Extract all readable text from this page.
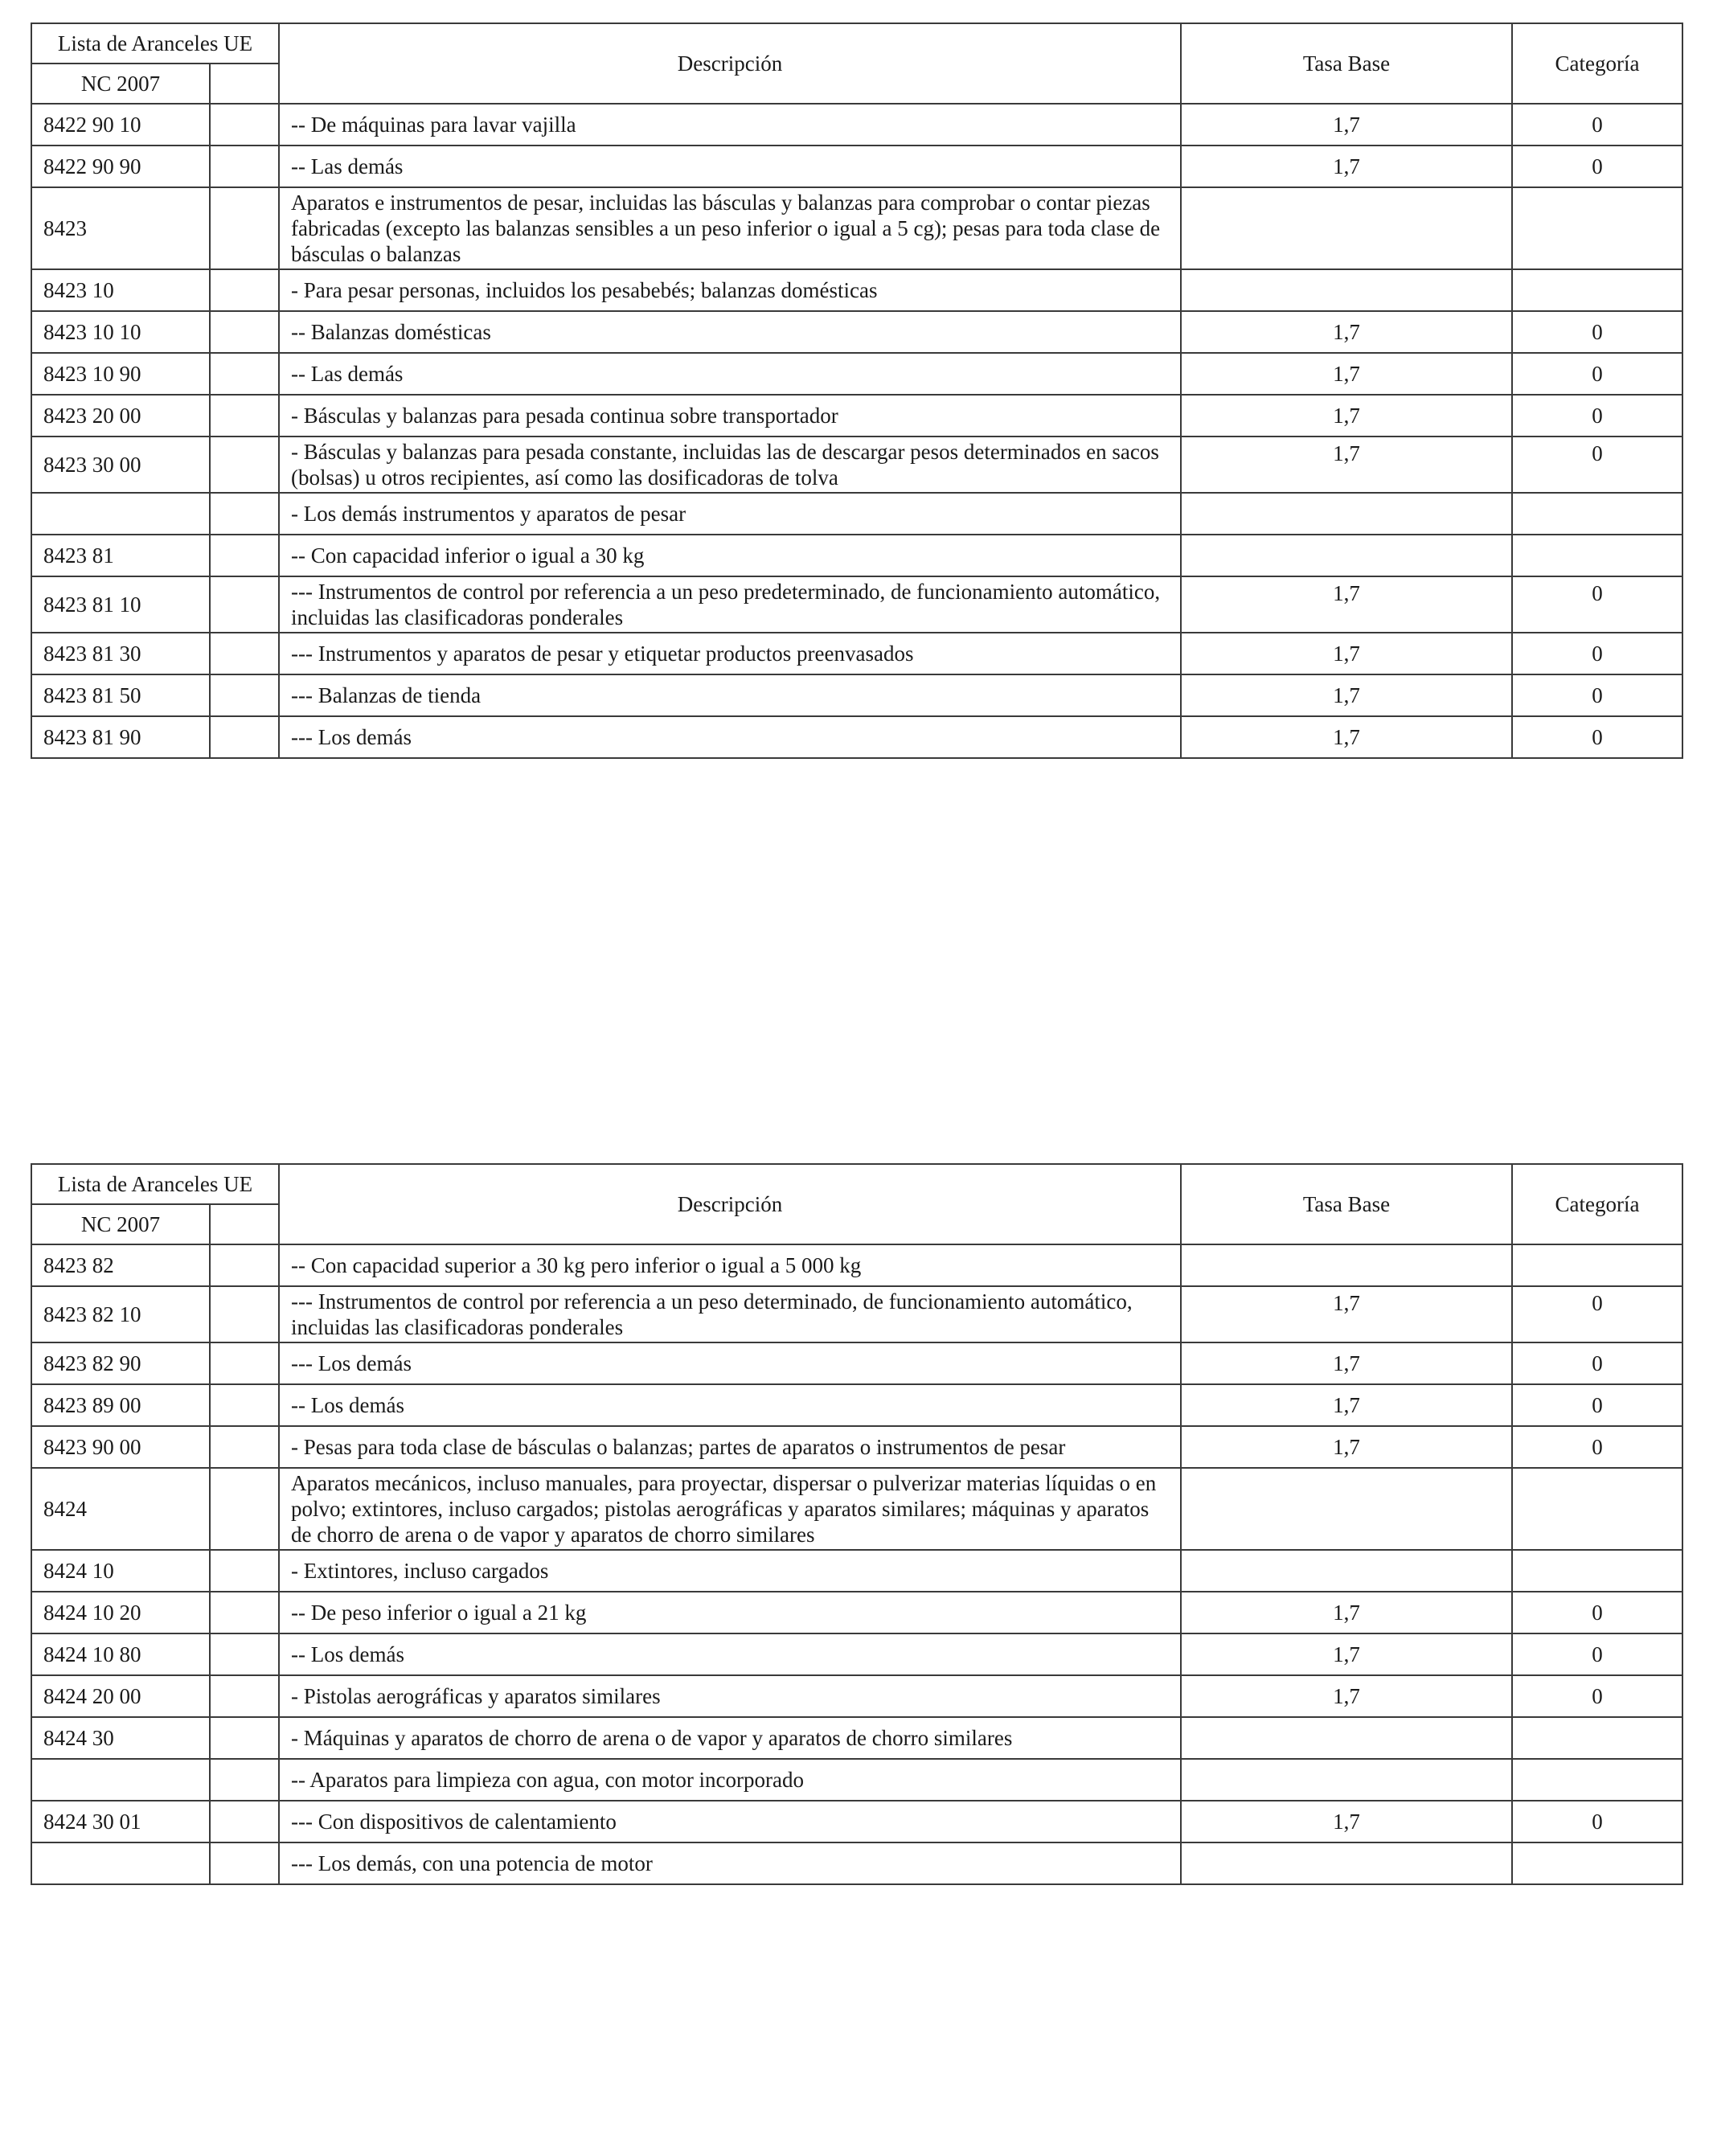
Lista de Aranceles UE		Descripción	Tasa Base	Categoría
NC 2007				
8422 90 10		-- De máquinas para lavar vajilla	1,7	0
8422 90 90		-- Las demás	1,7	0
8423		Aparatos e instrumentos de pesar, incluidas las básculas y balanzas para comprobar o contar piezas fabricadas (excepto las balanzas sensibles a un peso inferior o igual a 5 cg); pesas para toda clase de básculas o balanzas		
8423 10		- Para pesar personas, incluidos los pesabebés; balanzas domésticas		
8423 10 10		-- Balanzas domésticas	1,7	0
8423 10 90		-- Las demás	1,7	0
8423 20 00		- Básculas y balanzas para pesada continua sobre transportador	1,7	0
8423 30 00		- Básculas y balanzas para pesada constante, incluidas las de descargar pesos determinados en sacos (bolsas) u otros recipientes, así como las dosificadoras de tolva	1,7	0
		- Los demás instrumentos y aparatos de pesar		
8423 81		-- Con capacidad inferior o igual a 30 kg		
8423 81 10		--- Instrumentos de control por referencia a un peso predeterminado, de funcionamiento automático, incluidas las clasificadoras ponderales	1,7	0
8423 81 30		--- Instrumentos y aparatos de pesar y etiquetar productos preenvasados	1,7	0
8423 81 50		--- Balanzas de tienda	1,7	0
8423 81 90		--- Los demás	1,7	0
Lista de Aranceles UE		Descripción	Tasa Base	Categoría
NC 2007				
8423 82		-- Con capacidad superior a 30 kg pero inferior o igual a 5 000 kg		
8423 82 10		--- Instrumentos de control por referencia a un peso determinado, de funcionamiento automático, incluidas las clasificadoras ponderales	1,7	0
8423 82 90		--- Los demás	1,7	0
8423 89 00		-- Los demás	1,7	0
8423 90 00		- Pesas para toda clase de básculas o balanzas; partes de aparatos o instrumentos de pesar	1,7	0
8424		Aparatos mecánicos, incluso manuales, para proyectar, dispersar o pulverizar materias líquidas o en polvo; extintores, incluso cargados; pistolas aerográficas y aparatos similares; máquinas y aparatos de chorro de arena o de vapor y aparatos de chorro similares		
8424 10		- Extintores, incluso cargados		
8424 10 20		-- De peso inferior o igual a 21 kg	1,7	0
8424 10 80		-- Los demás	1,7	0
8424 20 00		- Pistolas aerográficas y aparatos similares	1,7	0
8424 30		- Máquinas y aparatos de chorro de arena o de vapor y aparatos de chorro similares		
		-- Aparatos para limpieza con agua, con motor incorporado		
8424 30 01		--- Con dispositivos de calentamiento	1,7	0
		--- Los demás, con una potencia de motor		
